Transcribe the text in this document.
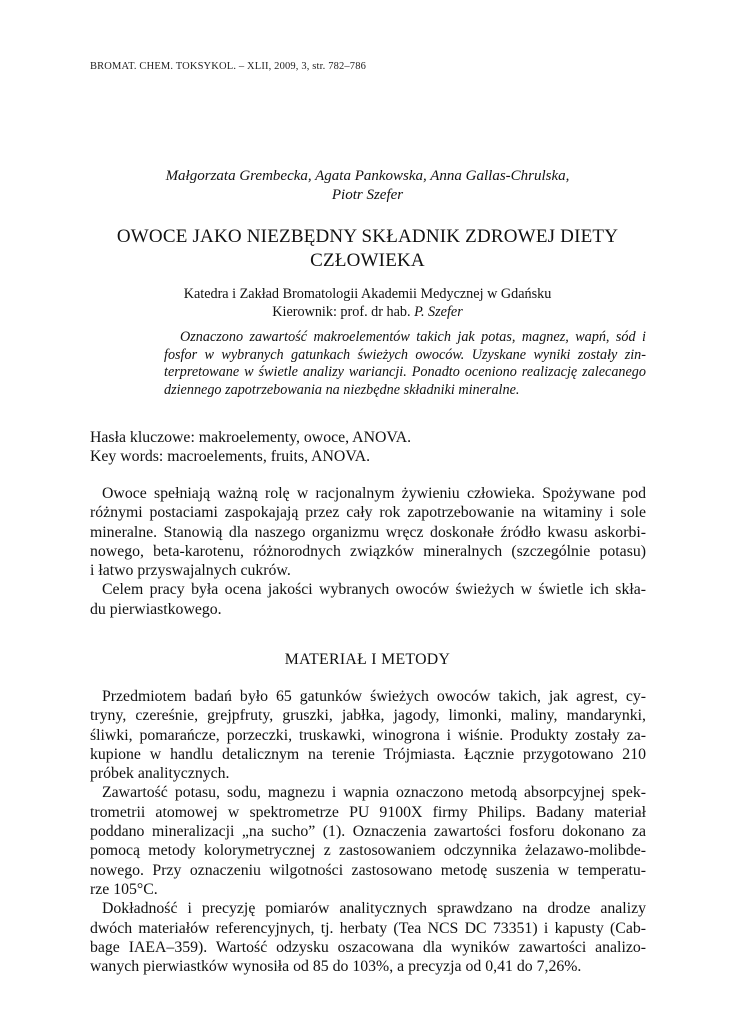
BROMAT. CHEM. TOKSYKOL. – XLII, 2009, 3, str. 782–786
Małgorzata Grembecka, Agata Pankowska, Anna Gallas-Chrulska,
Piotr Szefer
OWOCE JAKO NIEZBĘDNY SKŁADNIK ZDROWEJ DIETY
CZŁOWIEKA
Katedra i Zakład Bromatologii Akademii Medycznej w Gdańsku
Kierownik: prof. dr hab. P. Szefer
Oznaczono zawartość makroelementów takich jak potas, magnez, wapń, sód i fosfor w wybranych gatunkach świeżych owoców. Uzyskane wyniki zostały zinterpretowane w świetle analizy wariancji. Ponadto oceniono realizację zalecanego dziennego zapotrzebowania na niezbędne składniki mineralne.
Hasła kluczowe: makroelementy, owoce, ANOVA.
Key words: macroelements, fruits, ANOVA.

Owoce spełniają ważną rolę w racjonalnym żywieniu człowieka. Spożywane pod

różnymi postaciami zaspokajają przez cały rok zapotrzebowanie na witaminy i sole

mineralne. Stanowią dla naszego organizmu wręcz doskonałe źródło kwasu askorbi-

nowego, beta-karotenu, różnorodnych związków mineralnych (szczególnie potasu)

i łatwo przyswajalnych cukrów.

Celem pracy była ocena jakości wybranych owoców świeżych w świetle ich skła-

du pierwiastkowego.

MATERIAŁ I METODY

Przedmiotem badań było 65 gatunków świeżych owoców takich, jak agrest, cy-

tryny, czereśnie, grejpfruty, gruszki, jabłka, jagody, limonki, maliny, mandarynki,

śliwki, pomarańcze, porzeczki, truskawki, winogrona i wiśnie. Produkty zostały za-

kupione w handlu detalicznym na terenie Trójmiasta. Łącznie przygotowano 210

próbek analitycznych.

Zawartość potasu, sodu, magnezu i wapnia oznaczono metodą absorpcyjnej spek-

trometrii atomowej w spektrometrze PU 9100X firmy Philips. Badany materiał

poddano mineralizacji „na sucho” (1). Oznaczenia zawartości fosforu dokonano za

pomocą metody kolorymetrycznej z zastosowaniem odczynnika żelazawo-molibde-

nowego. Przy oznaczeniu wilgotności zastosowano metodę suszenia w temperatu-

rze 105°C.

Dokładność i precyzję pomiarów analitycznych sprawdzano na drodze analizy

dwóch materiałów referencyjnych, tj. herbaty (Tea NCS DC 73351) i kapusty (Cab-

bage IAEA–359). Wartość odzysku oszacowana dla wyników zawartości analizo-

wanych pierwiastków wynosiła od 85 do 103%, a precyzja od 0,41 do 7,26%.
